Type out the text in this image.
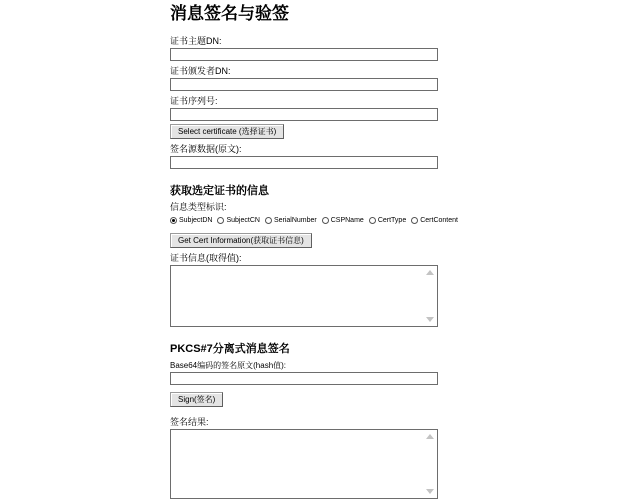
消息签名与验签
证书主题DN:
证书颁发者DN:
证书序列号:
Select certificate (选择证书)
签名源数据(原文):
获取选定证书的信息
信息类型标识:
SubjectDN SubjectCN SerialNumber CSPName CertType CertContent
Get Cert Information(获取证书信息)
证书信息(取得值):
PKCS#7分离式消息签名
Base64编码的签名原文(hash值):
Sign(签名)
签名结果:
